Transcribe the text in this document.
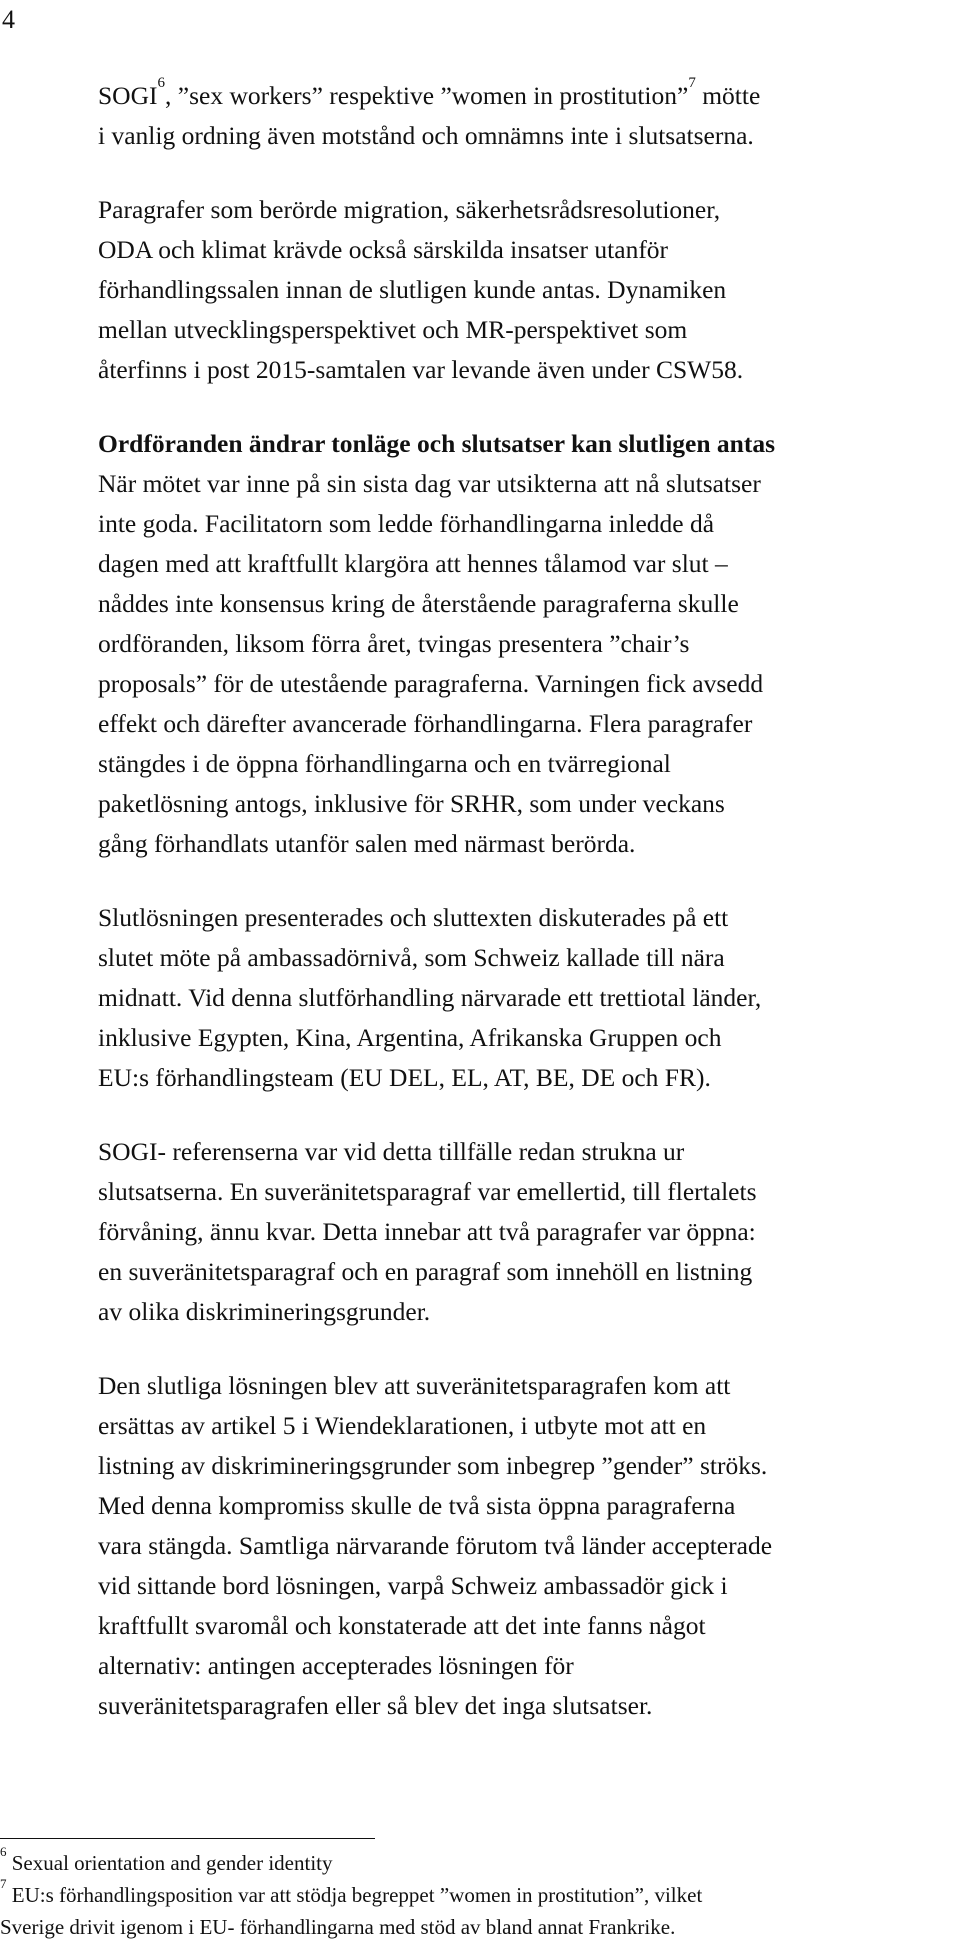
4

SOGI$^6$, ”sex workers” respektive ”women in prostitution”$^7$ mötte
i vanlig ordning även motstånd och omnämns inte i slutsatserna.

Paragrafer som berörde migration, säkerhetsrådsresolutioner,
ODA och klimat krävde också särskilda insatser utanför
förhandlingssalen innan de slutligen kunde antas. Dynamiken
mellan utvecklingsperspektivet och MR-perspektivet som
återfinns i post 2015-samtalen var levande även under CSW58.

Ordföranden ändrar tonläge och slutsatser kan slutligen antas

När mötet var inne på sin sista dag var utsikterna att nå slutsatser
inte goda. Facilitatorn som ledde förhandlingarna inledde då
dagen med att kraftfullt klargöra att hennes tålamod var slut –
nåddes inte konsensus kring de återstående paragraferna skulle
ordföranden, liksom förra året, tvingas presentera ”chair’s
proposals” för de utestående paragraferna. Varningen fick avsedd
effekt och därefter avancerade förhandlingarna. Flera paragrafer
stängdes i de öppna förhandlingarna och en tvärregional
paketlösning antogs, inklusive för SRHR, som under veckans
gång förhandlats utanför salen med närmast berörda.

Slutlösningen presenterades och sluttexten diskuterades på ett
slutet möte på ambassadörnivå, som Schweiz kallade till nära
midnatt. Vid denna slutförhandling närvarade ett trettiotal länder,
inklusive Egypten, Kina, Argentina, Afrikanska Gruppen och
EU:s förhandlingsteam (EU DEL, EL, AT, BE, DE och FR).

SOGI- referenserna var vid detta tillfälle redan strukna ur
slutsatserna. En suveränitetsparagraf var emellertid, till flertalets
förvåning, ännu kvar. Detta innebar att två paragrafer var öppna:
en suveränitetsparagraf och en paragraf som innehöll en listning
av olika diskrimineringsgrunder.

Den slutliga lösningen blev att suveränitetsparagrafen kom att
ersättas av artikel 5 i Wiendeklarationen, i utbyte mot att en
listning av diskrimineringsgrunder som inbegrep ”gender” ströks.
Med denna kompromiss skulle de två sista öppna paragraferna
vara stängda. Samtliga närvarande förutom två länder accepterade
vid sittande bord lösningen, varpå Schweiz ambassadör gick i
kraftfullt svaromål och konstaterade att det inte fanns något
alternativ: antingen accepterades lösningen för
suveränitetsparagrafen eller så blev det inga slutsatser.

$^6$ Sexual orientation and gender identity

$^7$ EU:s förhandlingsposition var att stödja begreppet ”women in prostitution”, vilket
Sverige drivit igenom i EU- förhandlingarna med stöd av bland annat Frankrike.
